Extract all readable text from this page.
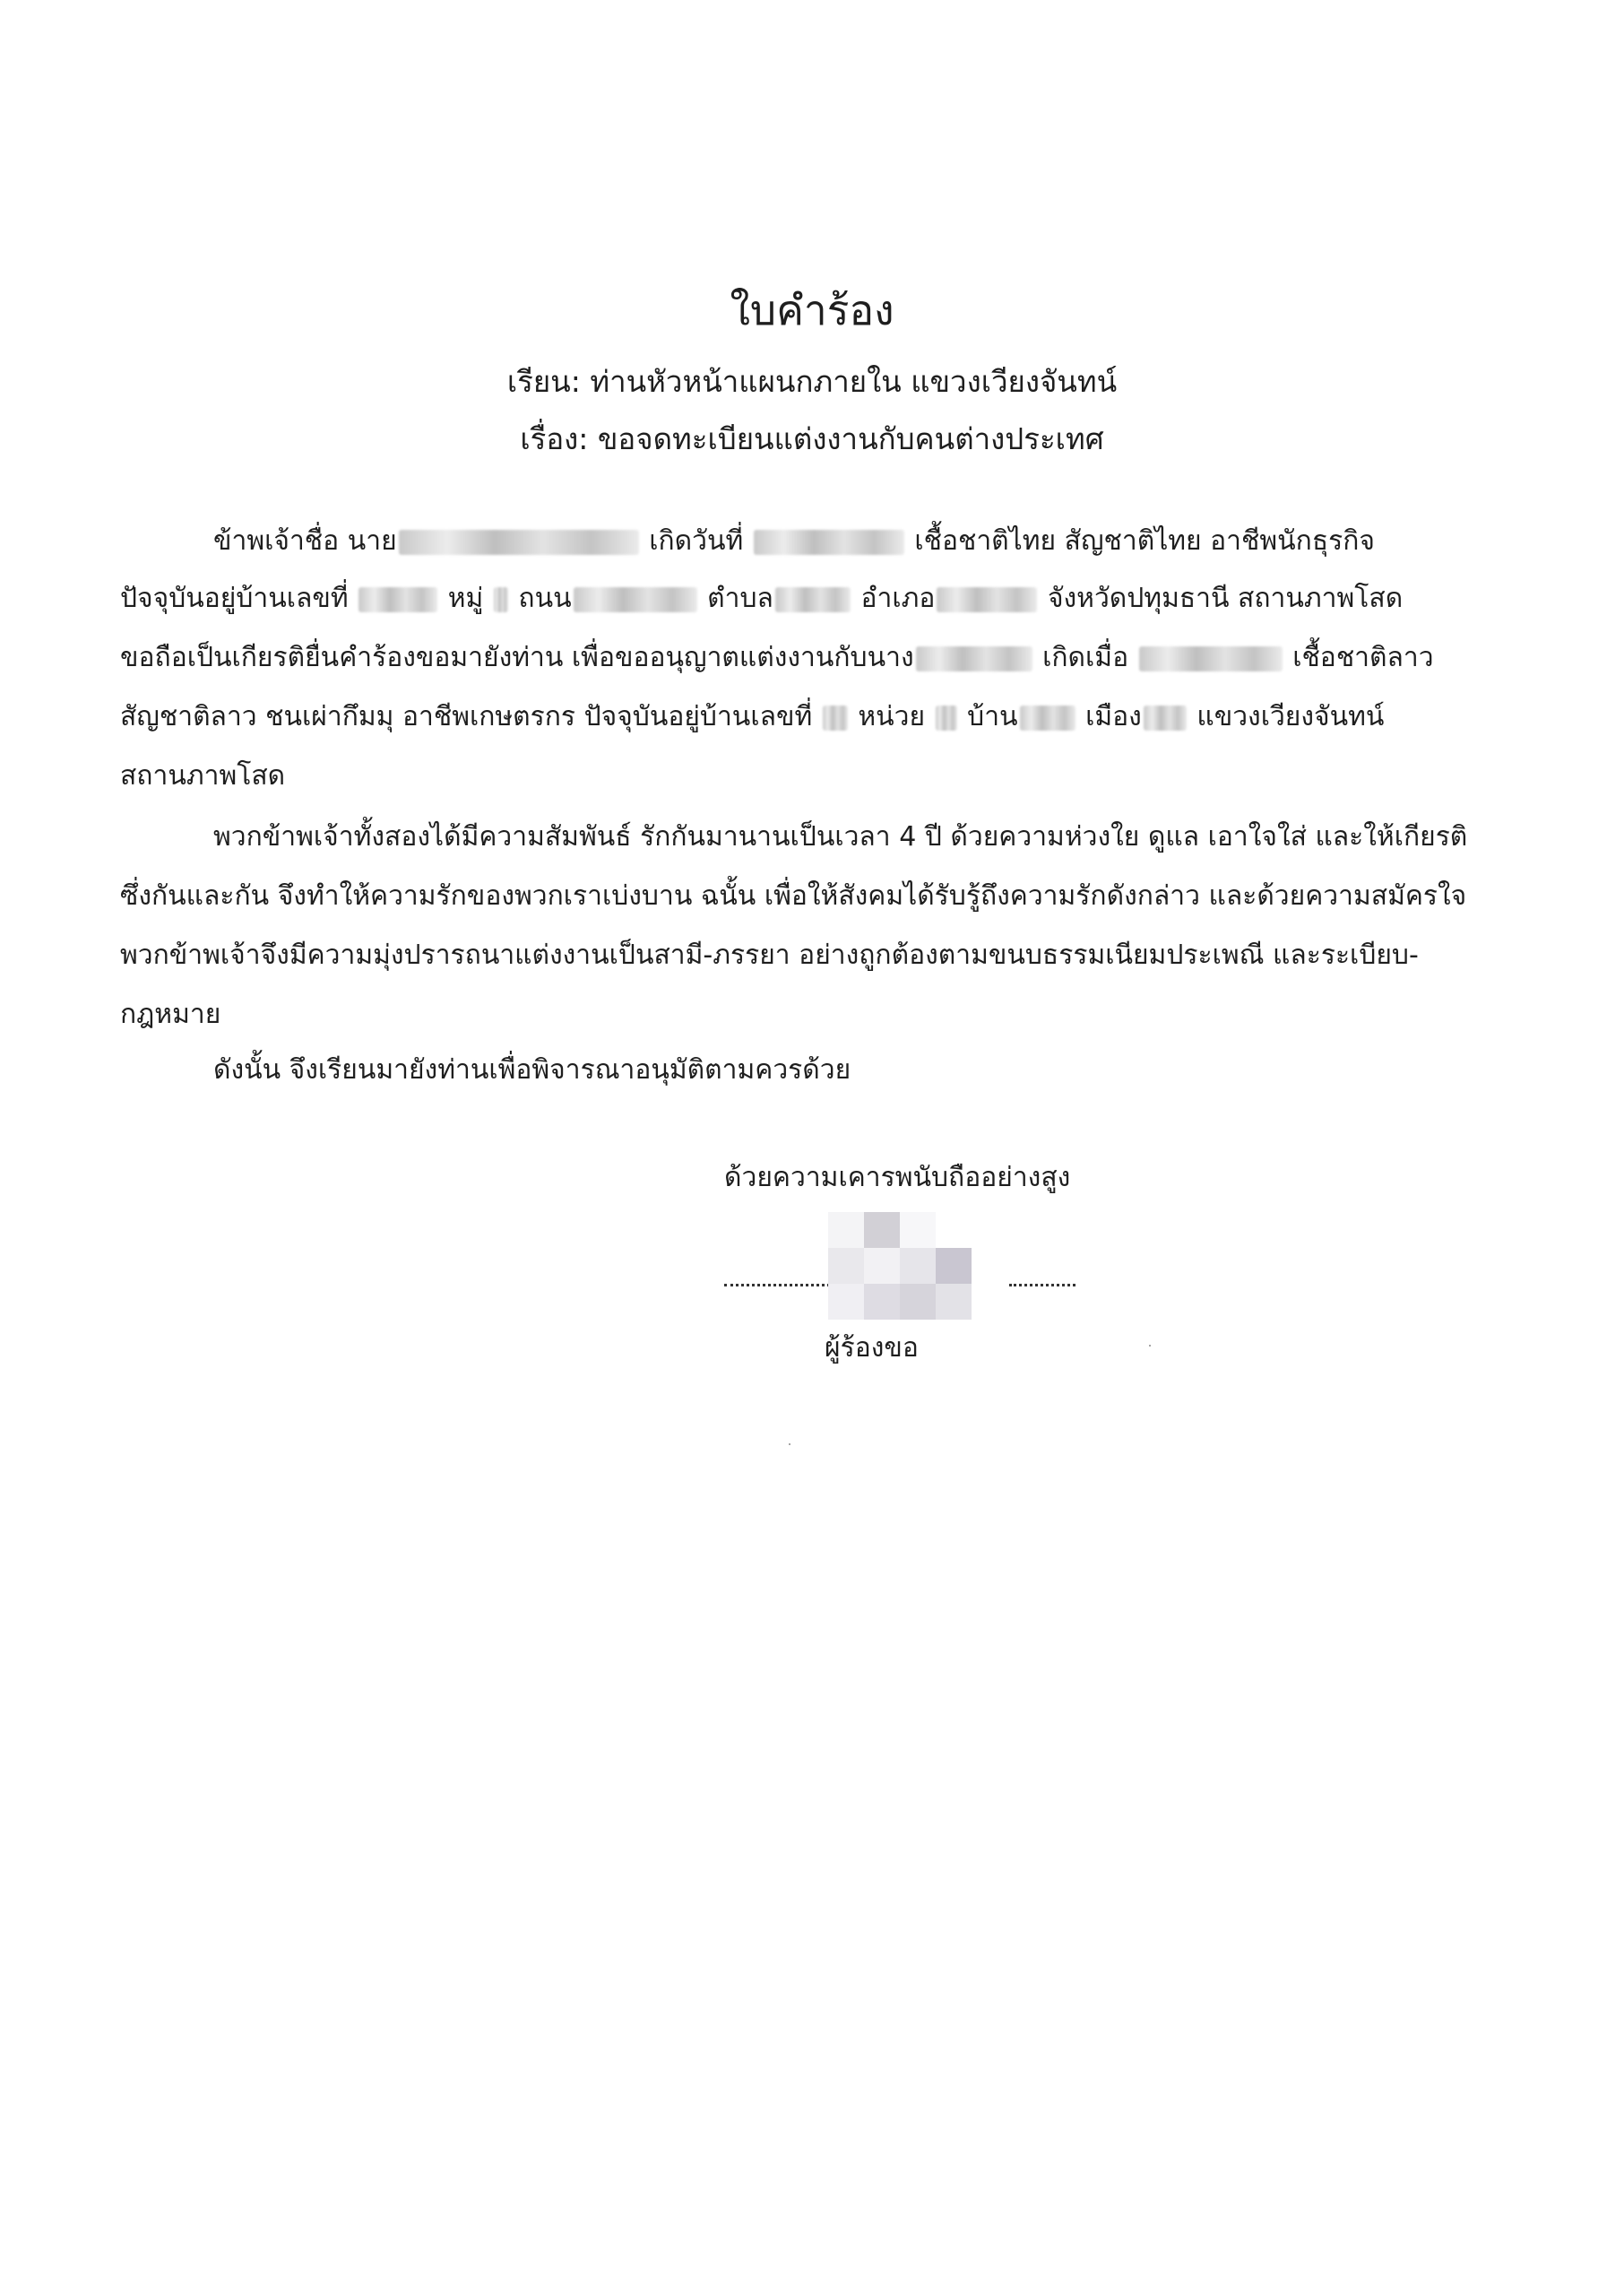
ใบคำร้อง
เรียน: ท่านหัวหน้าแผนกภายใน แขวงเวียงจันทน์
เรื่อง: ขอจดทะเบียนแต่งงานกับคนต่างประเทศ
ข้าพเจ้าชื่อ นาย	เกิดวันที่	เชื้อชาติไทย สัญชาติไทย อาชีพนักธุรกิจ
ปัจจุบันอยู่บ้านเลขที่	หมู่ ถนน	ตำบล	อำเภอ	จังหวัดปทุมธานี สถานภาพโสด
ขอถือเป็นเกียรติยื่นคำร้องขอมายังท่าน เพื่อขออนุญาตแต่งงานกับนาง	เกิดเมื่อ	เชื้อชาติลาว
สัญชาติลาว ชนเผ่ากึมมุ อาชีพเกษตรกร ปัจจุบันอยู่บ้านเลขที่ หน่วย บ้าน	เมือง แขวงเวียงจันทน์
สถานภาพโสด
พวกข้าพเจ้าทั้งสองได้มีความสัมพันธ์ รักกันมานานเป็นเวลา 4 ปี ด้วยความห่วงใย ดูแล เอาใจใส่ และให้เกียรติ
ซึ่งกันและกัน จึงทำให้ความรักของพวกเราเบ่งบาน ฉนั้น เพื่อให้สังคมได้รับรู้ถึงความรักดังกล่าว และด้วยความสมัครใจ
พวกข้าพเจ้าจึงมีความมุ่งปรารถนาแต่งงานเป็นสามี-ภรรยา อย่างถูกต้องตามขนบธรรมเนียมประเพณี และระเบียบ-
กฎหมาย
ดังนั้น จึงเรียนมายังท่านเพื่อพิจารณาอนุมัติตามควรด้วย
ด้วยความเคารพนับถืออย่างสูง
ผู้ร้องขอ
